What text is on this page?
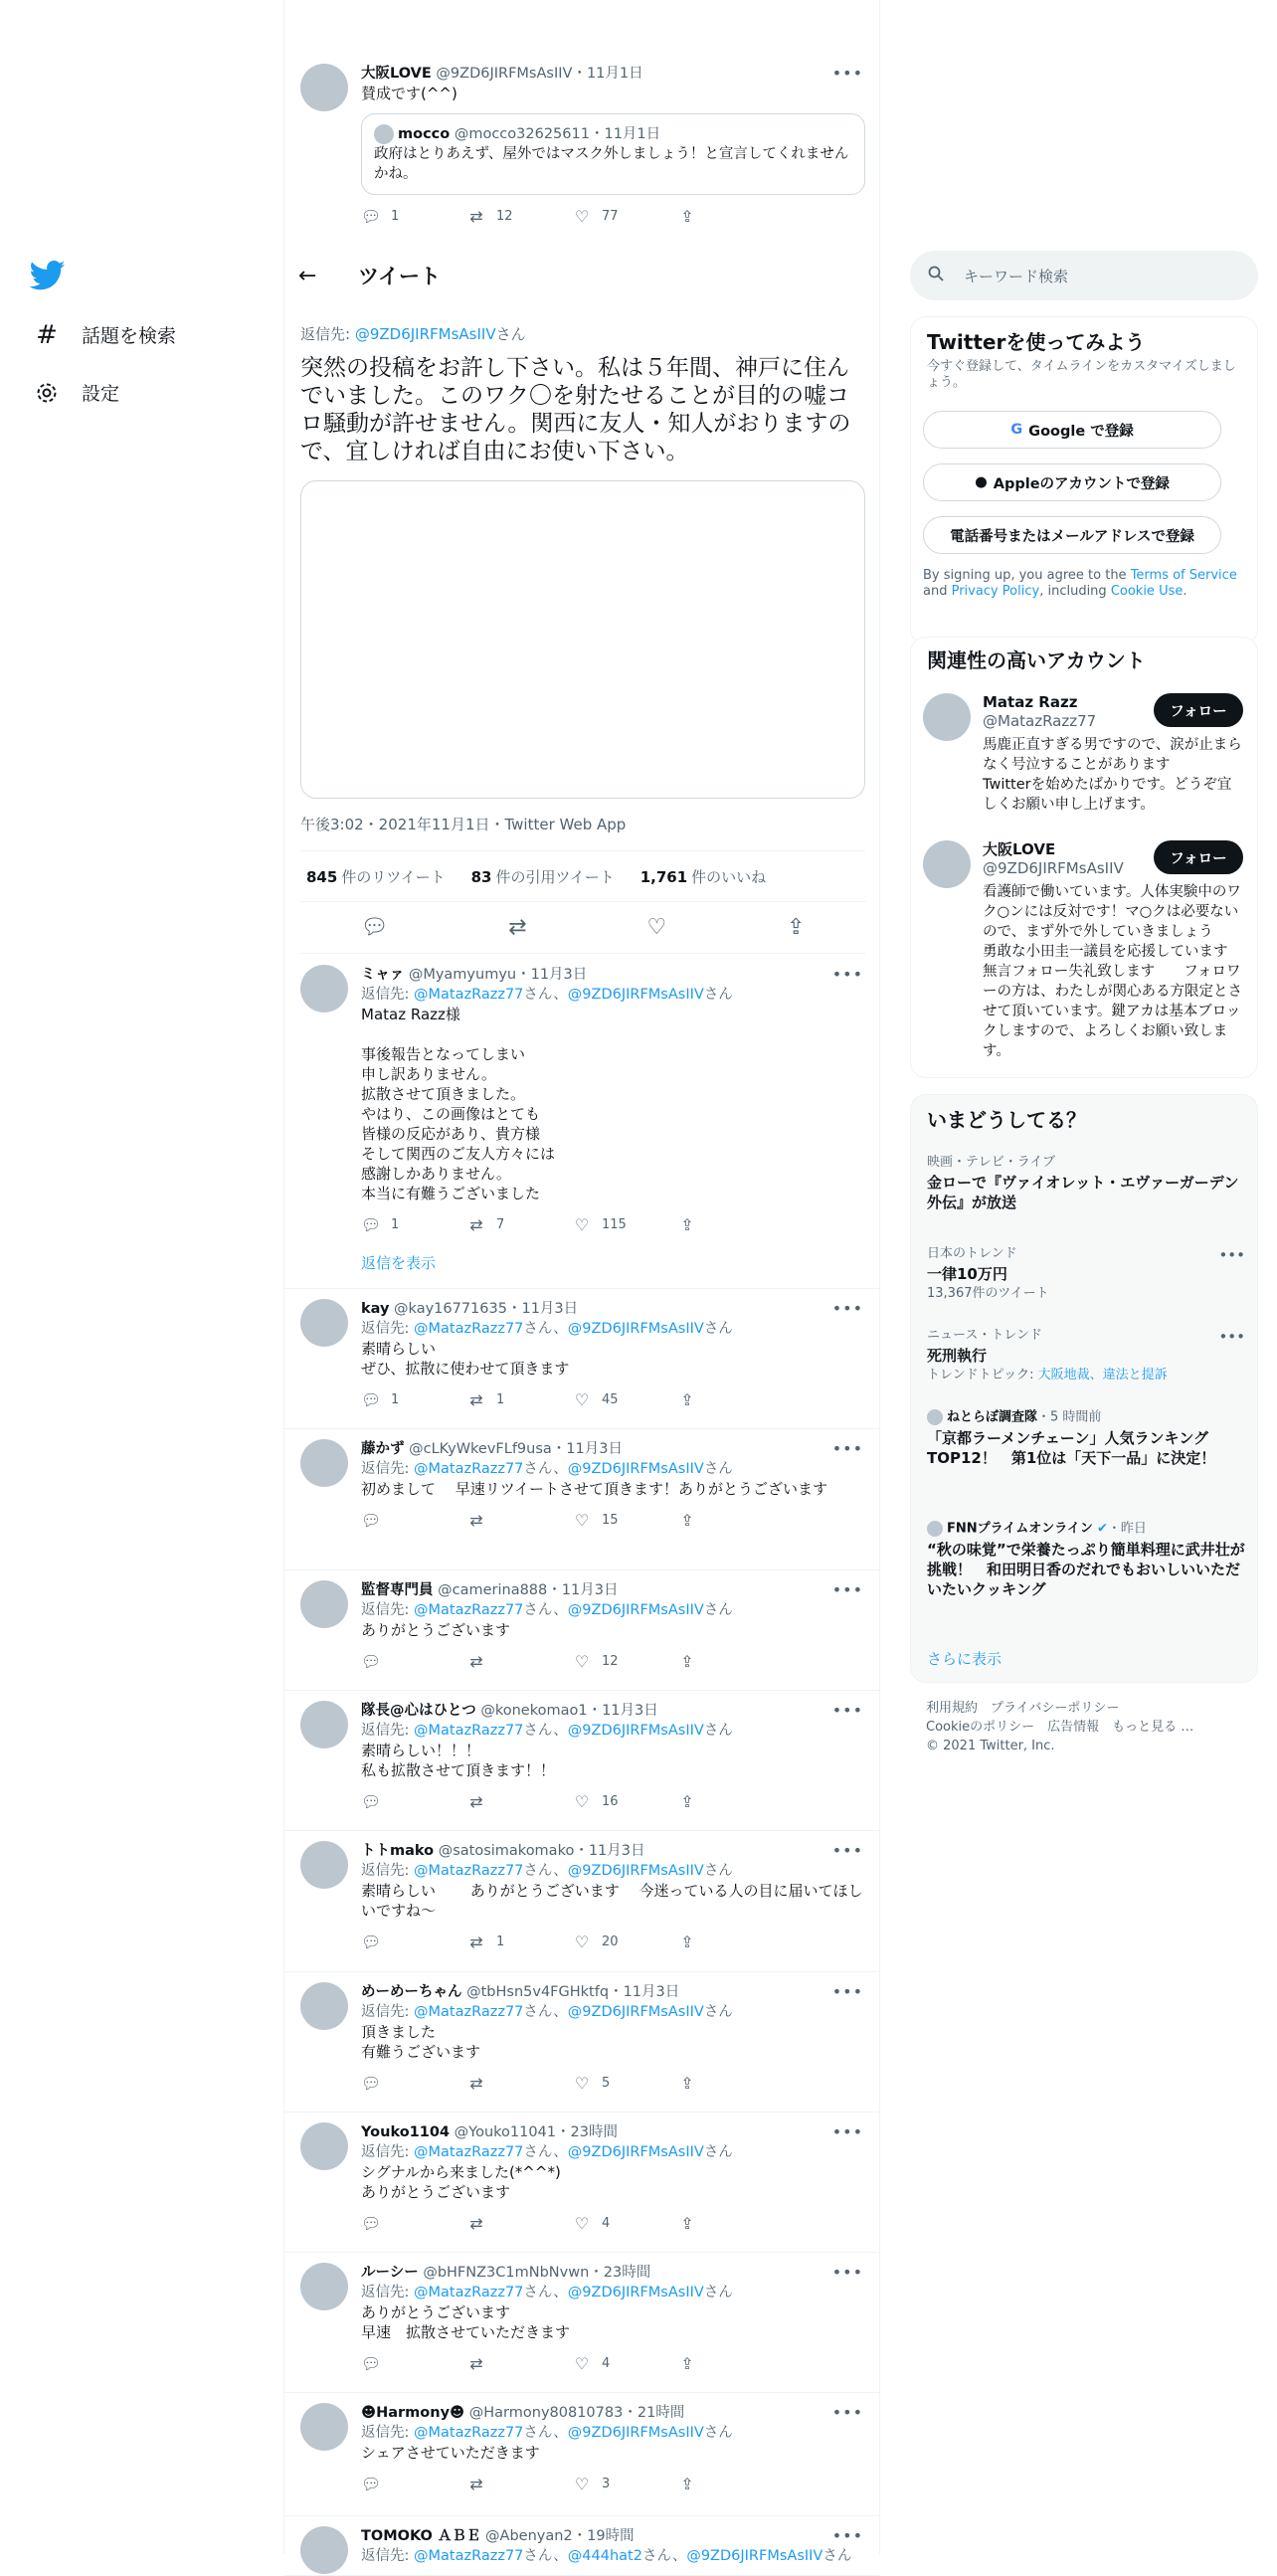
# 話題を検索
設定
•••
大阪LOVE @9ZD6JIRFMsAsIIV・11月1日
賛成です(^^)
mocco @mocco32625611・11月1日
政府はとりあえず、屋外ではマスク外しましょう！と宣言してくれませんかね。
💬︎ 1	⇄ 12	♡ 77	⇪
←	ツイート
返信先: @9ZD6JIRFMsAsIIVさん
突然の投稿をお許し下さい。私は５年間、神戸に住んでいました。このワク〇を射たせることが目的の嘘コロ騒動が許せません。関西に友人・知人がおりますので、宜しければ自由にお使い下さい。
午後3:02・2021年11月1日・Twitter Web App
845 件のリツイート	83 件の引用ツイート	1,761 件のいいね
💬︎	⇄	♡	⇪
•••
ミャァ @Myamyumyu・11月3日
返信先: @MatazRazz77さん、@9ZD6JIRFMsAsIIVさん
Mataz Razz様

事後報告となってしまい
申し訳ありません。
拡散させて頂きました。
やはり、この画像はとても
皆様の反応があり、貴方様
そして関西のご友人方々には
感謝しかありません。
本当に有難うございました
💬︎ 1	⇄ 7	♡ 115	⇪
返信を表示
•••
kay @kay16771635・11月3日
返信先: @MatazRazz77さん、@9ZD6JIRFMsAsIIVさん
素晴らしい
ぜひ、拡散に使わせて頂きます
💬︎ 1	⇄ 1	♡ 45	⇪
•••
藤かず @cLKyWkevFLf9usa・11月3日
返信先: @MatazRazz77さん、@9ZD6JIRFMsAsIIVさん
初めまして　 早速リツイートさせて頂きます！ありがとうございます
💬︎	⇄	♡ 15	⇪
•••
監督専門員 @camerina888・11月3日
返信先: @MatazRazz77さん、@9ZD6JIRFMsAsIIVさん
ありがとうございます
💬︎	⇄	♡ 12	⇪
•••
隊長@心はひとつ @konekomao1・11月3日
返信先: @MatazRazz77さん、@9ZD6JIRFMsAsIIVさん
素晴らしい！！！
私も拡散させて頂きます！！
💬︎	⇄	♡ 16	⇪
•••
トトmako @satosimakomako・11月3日
返信先: @MatazRazz77さん、@9ZD6JIRFMsAsIIVさん
素晴らしい　　 ありがとうございます　 今迷っている人の目に届いてほしいですね〜
💬︎	⇄ 1	♡ 20	⇪
•••
めーめーちゃん @tbHsn5v4FGHktfq・11月3日
返信先: @MatazRazz77さん、@9ZD6JIRFMsAsIIVさん
頂きました
有難うございます
💬︎	⇄	♡ 5	⇪
•••
Youko1104 @Youko11041・23時間
返信先: @MatazRazz77さん、@9ZD6JIRFMsAsIIVさん
シグナルから来ました(*^^*)
ありがとうございます
💬︎	⇄	♡ 4	⇪
•••
ルーシー @bHFNZ3C1mNbNvwn・23時間
返信先: @MatazRazz77さん、@9ZD6JIRFMsAsIIVさん
ありがとうございます
早速　拡散させていただきます
💬︎	⇄	♡ 4	⇪
•••
☻Harmony☻ @Harmony80810783・21時間
返信先: @MatazRazz77さん、@9ZD6JIRFMsAsIIVさん
シェアさせていただきます
💬︎	⇄	♡ 3	⇪
•••
TOMOKO ＡＢＥ @Abenyan2・19時間
返信先: @MatazRazz77さん、@444hat2さん、@9ZD6JIRFMsAsIIVさん
キーワード検索
Twitterを使ってみよう
今すぐ登録して、タイムラインをカスタマイズしましょう。
G Google で登録
● Appleのアカウントで登録
電話番号またはメールアドレスで登録
By signing up, you agree to the Terms of Service and Privacy Policy, including Cookie Use.
関連性の高いアカウント
Mataz Razz
@MatazRazz77
フォロー
馬鹿正直すぎる男ですので、涙が止まらなく号泣することがあります
Twitterを始めたばかりです。どうぞ宜しくお願い申し上げます。
大阪LOVE
@9ZD6JIRFMsAsIIV
フォロー
看護師で働いています。人体実験中のワク○ンには反対です！マ○クは必要ないので、まず外で外していきましょう　 勇敢な小田圭一議員を応援しています　 無言フォロー失礼致します　　フォロワーの方は、わたしが関心ある方限定とさせて頂いています。鍵アカは基本ブロックしますので、よろしくお願い致します。
いまどうしてる？
映画・テレビ・ライブ
金ローで『ヴァイオレット・エヴァーガーデン 外伝』が放送
日本のトレンド
一律10万円
13,367件のツイート
•••
ニュース・トレンド
死刑執行
トレンドトピック: 大阪地裁、違法と提訴
•••
ねとらぼ調査隊・5 時間前
「京都ラーメンチェーン」人気ランキングTOP12！　第1位は「天下一品」に決定！
FNNプライムオンライン ✔・昨日
“秋の味覚”で栄養たっぷり簡単料理に武井壮が挑戦！　和田明日香のだれでもおいしいいただいたいクッキング
さらに表示
利用規約　プライバシーポリシー
Cookieのポリシー　広告情報　もっと見る …
© 2021 Twitter, Inc.
